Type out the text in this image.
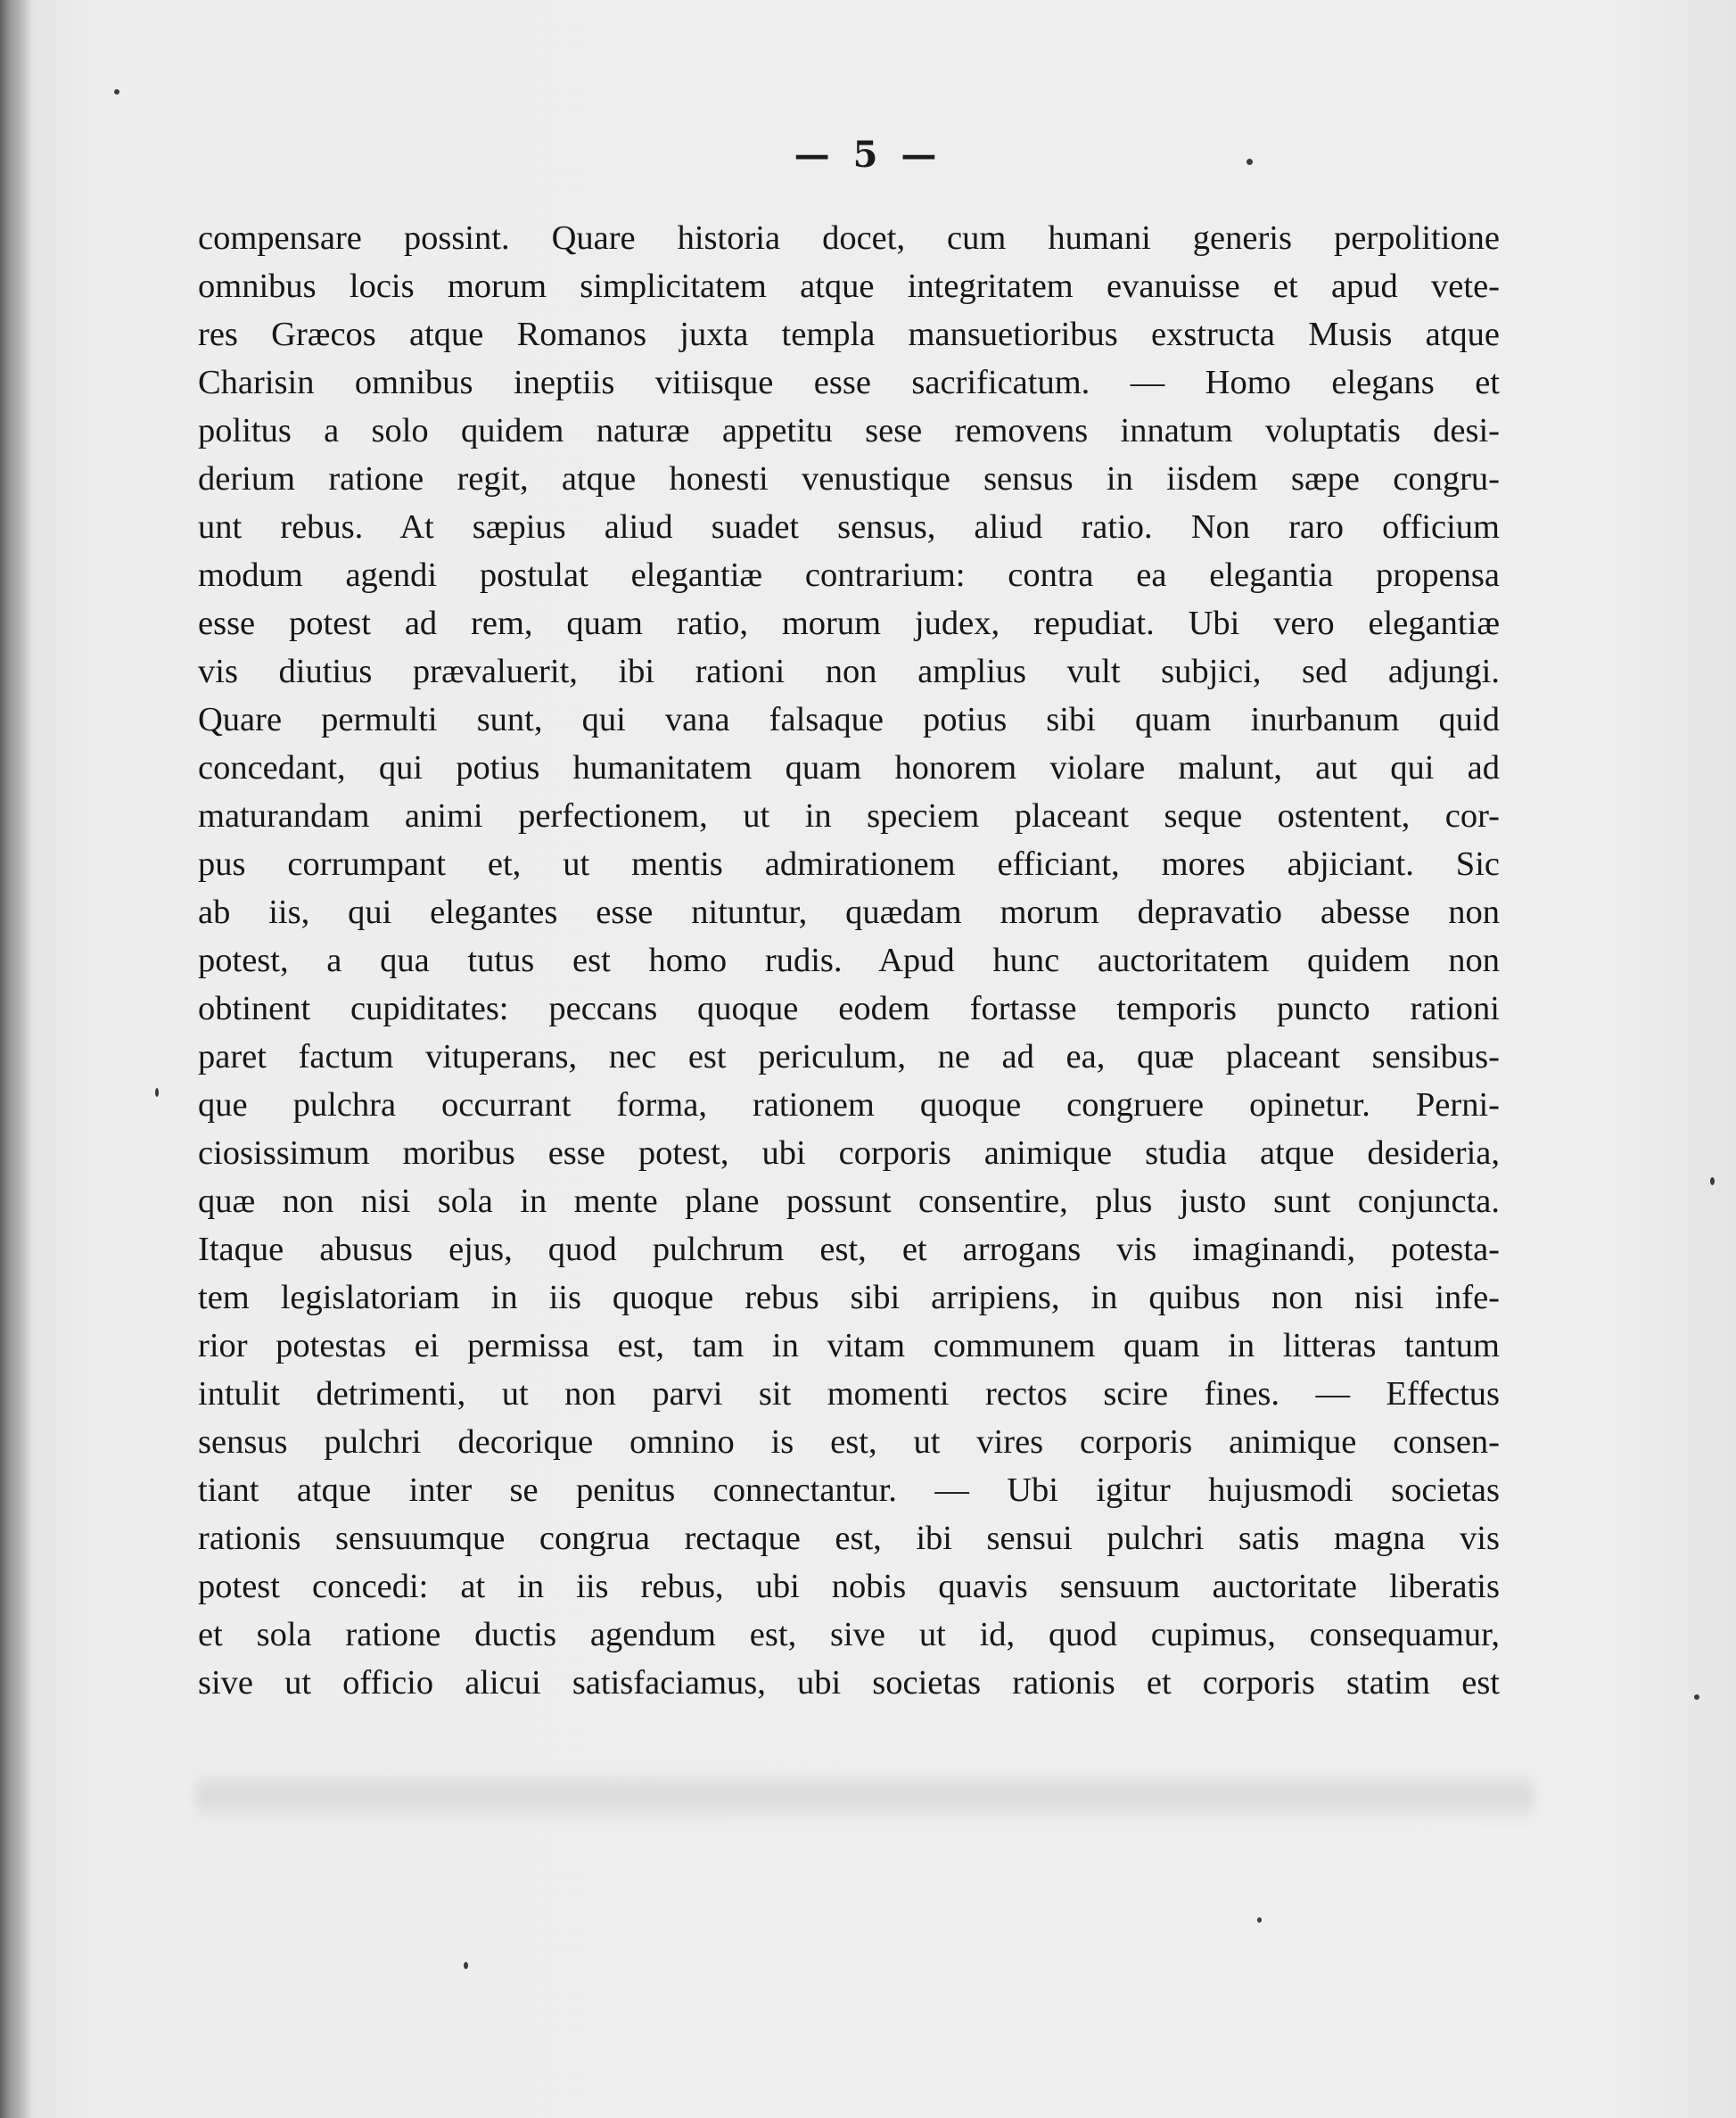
— 5 —
compensare possint. Quare historia docet, cum humani generis perpolitione
omnibus locis morum simplicitatem atque integritatem evanuisse et apud vete-
res Græcos atque Romanos juxta templa mansuetioribus exstructa Musis atque
Charisin omnibus ineptiis vitiisque esse sacrificatum. — Homo elegans et
politus a solo quidem naturæ appetitu sese removens innatum voluptatis desi-
derium ratione regit, atque honesti venustique sensus in iisdem sæpe congru-
unt rebus. At sæpius aliud suadet sensus, aliud ratio. Non raro officium
modum agendi postulat elegantiæ contrarium: contra ea elegantia propensa
esse potest ad rem, quam ratio, morum judex, repudiat. Ubi vero elegantiæ
vis diutius prævaluerit, ibi rationi non amplius vult subjici, sed adjungi.
Quare permulti sunt, qui vana falsaque potius sibi quam inurbanum quid
concedant, qui potius humanitatem quam honorem violare malunt, aut qui ad
maturandam animi perfectionem, ut in speciem placeant seque ostentent, cor-
pus corrumpant et, ut mentis admirationem efficiant, mores abjiciant. Sic
ab iis, qui elegantes esse nituntur, quædam morum depravatio abesse non
potest, a qua tutus est homo rudis. Apud hunc auctoritatem quidem non
obtinent cupiditates: peccans quoque eodem fortasse temporis puncto rationi
paret factum vituperans, nec est periculum, ne ad ea, quæ placeant sensibus-
que pulchra occurrant forma, rationem quoque congruere opinetur. Perni-
ciosissimum moribus esse potest, ubi corporis animique studia atque desideria,
quæ non nisi sola in mente plane possunt consentire, plus justo sunt conjuncta.
Itaque abusus ejus, quod pulchrum est, et arrogans vis imaginandi, potesta-
tem legislatoriam in iis quoque rebus sibi arripiens, in quibus non nisi infe-
rior potestas ei permissa est, tam in vitam communem quam in litteras tantum
intulit detrimenti, ut non parvi sit momenti rectos scire fines. — Effectus
sensus pulchri decorique omnino is est, ut vires corporis animique consen-
tiant atque inter se penitus connectantur. — Ubi igitur hujusmodi societas
rationis sensuumque congrua rectaque est, ibi sensui pulchri satis magna vis
potest concedi: at in iis rebus, ubi nobis quavis sensuum auctoritate liberatis
et sola ratione ductis agendum est, sive ut id, quod cupimus, consequamur,
sive ut officio alicui satisfaciamus, ubi societas rationis et corporis statim est
